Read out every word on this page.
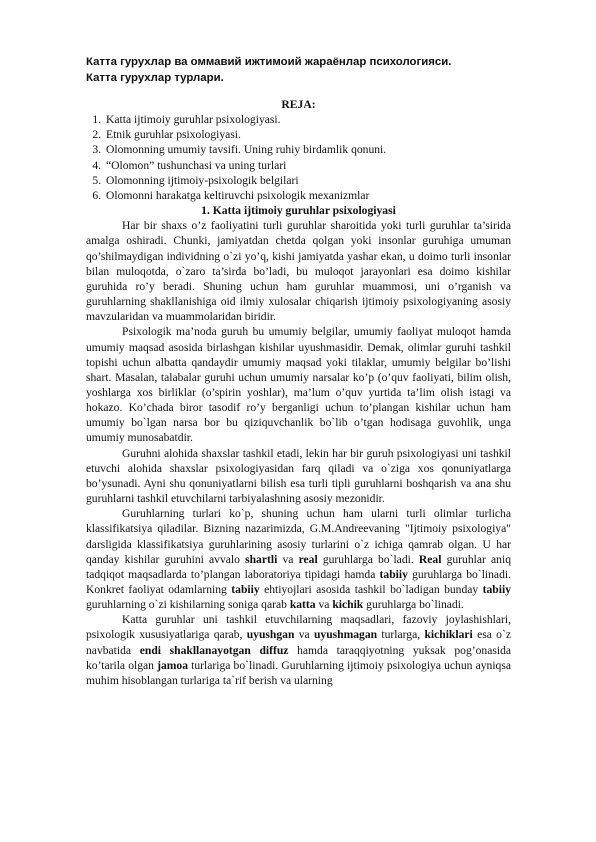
Катта гурухлар ва оммавий ижтимоий жараёнлар психологияси.
Катта гурухлар турлари.
REJA:
1. Katta ijtimoiy guruhlar psixologiyasi.
2. Etnik guruhlar psixologiyasi.
3. Olomonning umumiy tavsifi. Uning ruhiy birdamlik qonuni.
4. “Olomon” tushunchasi va uning turlari
5. Olomonning ijtimoiy-psixologik belgilari
6. Olomonni harakatga keltiruvchi psixologik mexanizmlar
1. Katta ijtimoiy guruhlar psixologiyasi

Har bir shaxs o’z faoliyatini turli guruhlar sharoitida yoki turli guruhlar ta’sirida amalga oshiradi. Chunki, jamiyatdan chetda qolgan yoki insonlar guruhiga umuman qo’shilmaydigan individning o`zi yo’q, kishi jamiyatda yashar ekan, u doimo turli insonlar bilan muloqotda, o`zaro ta’sirda bo’ladi, bu muloqot jarayonlari esa doimo kishilar guruhida ro’y beradi. Shuning uchun ham guruhlar muammosi, uni o’rganish va guruhlarning shakllanishiga oid ilmiy xulosalar chiqarish ijtimoiy psixologiyaning asosiy mavzularidan va muammolaridan biridir.

Psixologik ma’noda guruh bu umumiy belgilar, umumiy faoliyat muloqot hamda umumiy maqsad asosida birlashgan kishilar uyushmasidir. Demak, olimlar guruhi tashkil topishi uchun albatta qandaydir umumiy maqsad yoki tilaklar, umumiy belgilar bo’lishi shart. Masalan, talabalar guruhi uchun umumiy narsalar ko’p (o’quv faoliyati, bilim olish, yoshlarga xos birliklar (o’spirin yoshlar), ma’lum o’quv yurtida ta’lim olish istagi va hokazo. Ko’chada biror tasodif ro’y berganligi uchun to’plangan kishilar uchun ham umumiy bo`lgan narsa bor bu qiziquvchanlik bo`lib o’tgan hodisaga guvohlik, unga umumiy munosabatdir.

Guruhni alohida shaxslar tashkil etadi, lekin har bir guruh psixologiyasi uni tashkil etuvchi alohida shaxslar psixologiyasidan farq qiladi va o`ziga xos qonuniyatlarga bo’ysunadi. Ayni shu qonuniyatlarni bilish esa turli tipli guruhlarni boshqarish va ana shu guruhlarni tashkil etuvchilarni tarbiyalashning asosiy mezonidir.

Guruhlarning turlari ko`p, shuning uchun ham ularni turli olimlar turlicha klassifikatsiya qiladilar. Bizning nazarimizda, G.M.Andreevaning "Ijtimoiy psixologiya" darsligida klassifikatsiya guruhlarining asosiy turlarini o`z ichiga qamrab olgan. U har qanday kishilar guruhini avvalo shartli va real guruhlarga bo`ladi. Real guruhlar aniq tadqiqot maqsadlarda to’plangan laboratoriya tipidagi hamda tabiiy guruhlarga bo`linadi. Konkret faoliyat odamlarning tabiiy ehtiyojlari asosida tashkil bo`ladigan bunday tabiiy guruhlarning o`zi kishilarning soniga qarab katta va kichik guruhlarga bo`linadi.

Katta guruhlar uni tashkil etuvchilarning maqsadlari, fazoviy joylashishlari, psixologik xususiyatlariga qarab, uyushgan va uyushmagan turlarga, kichiklari esa o`z navbatida endi shakllanayotgan diffuz hamda taraqqiyotning yuksak pog’onasida ko’tarila olgan jamoa turlariga bo`linadi. Guruhlarning ijtimoiy psixologiya uchun ayniqsa muhim hisoblangan turlariga ta`rif berish va ularning
